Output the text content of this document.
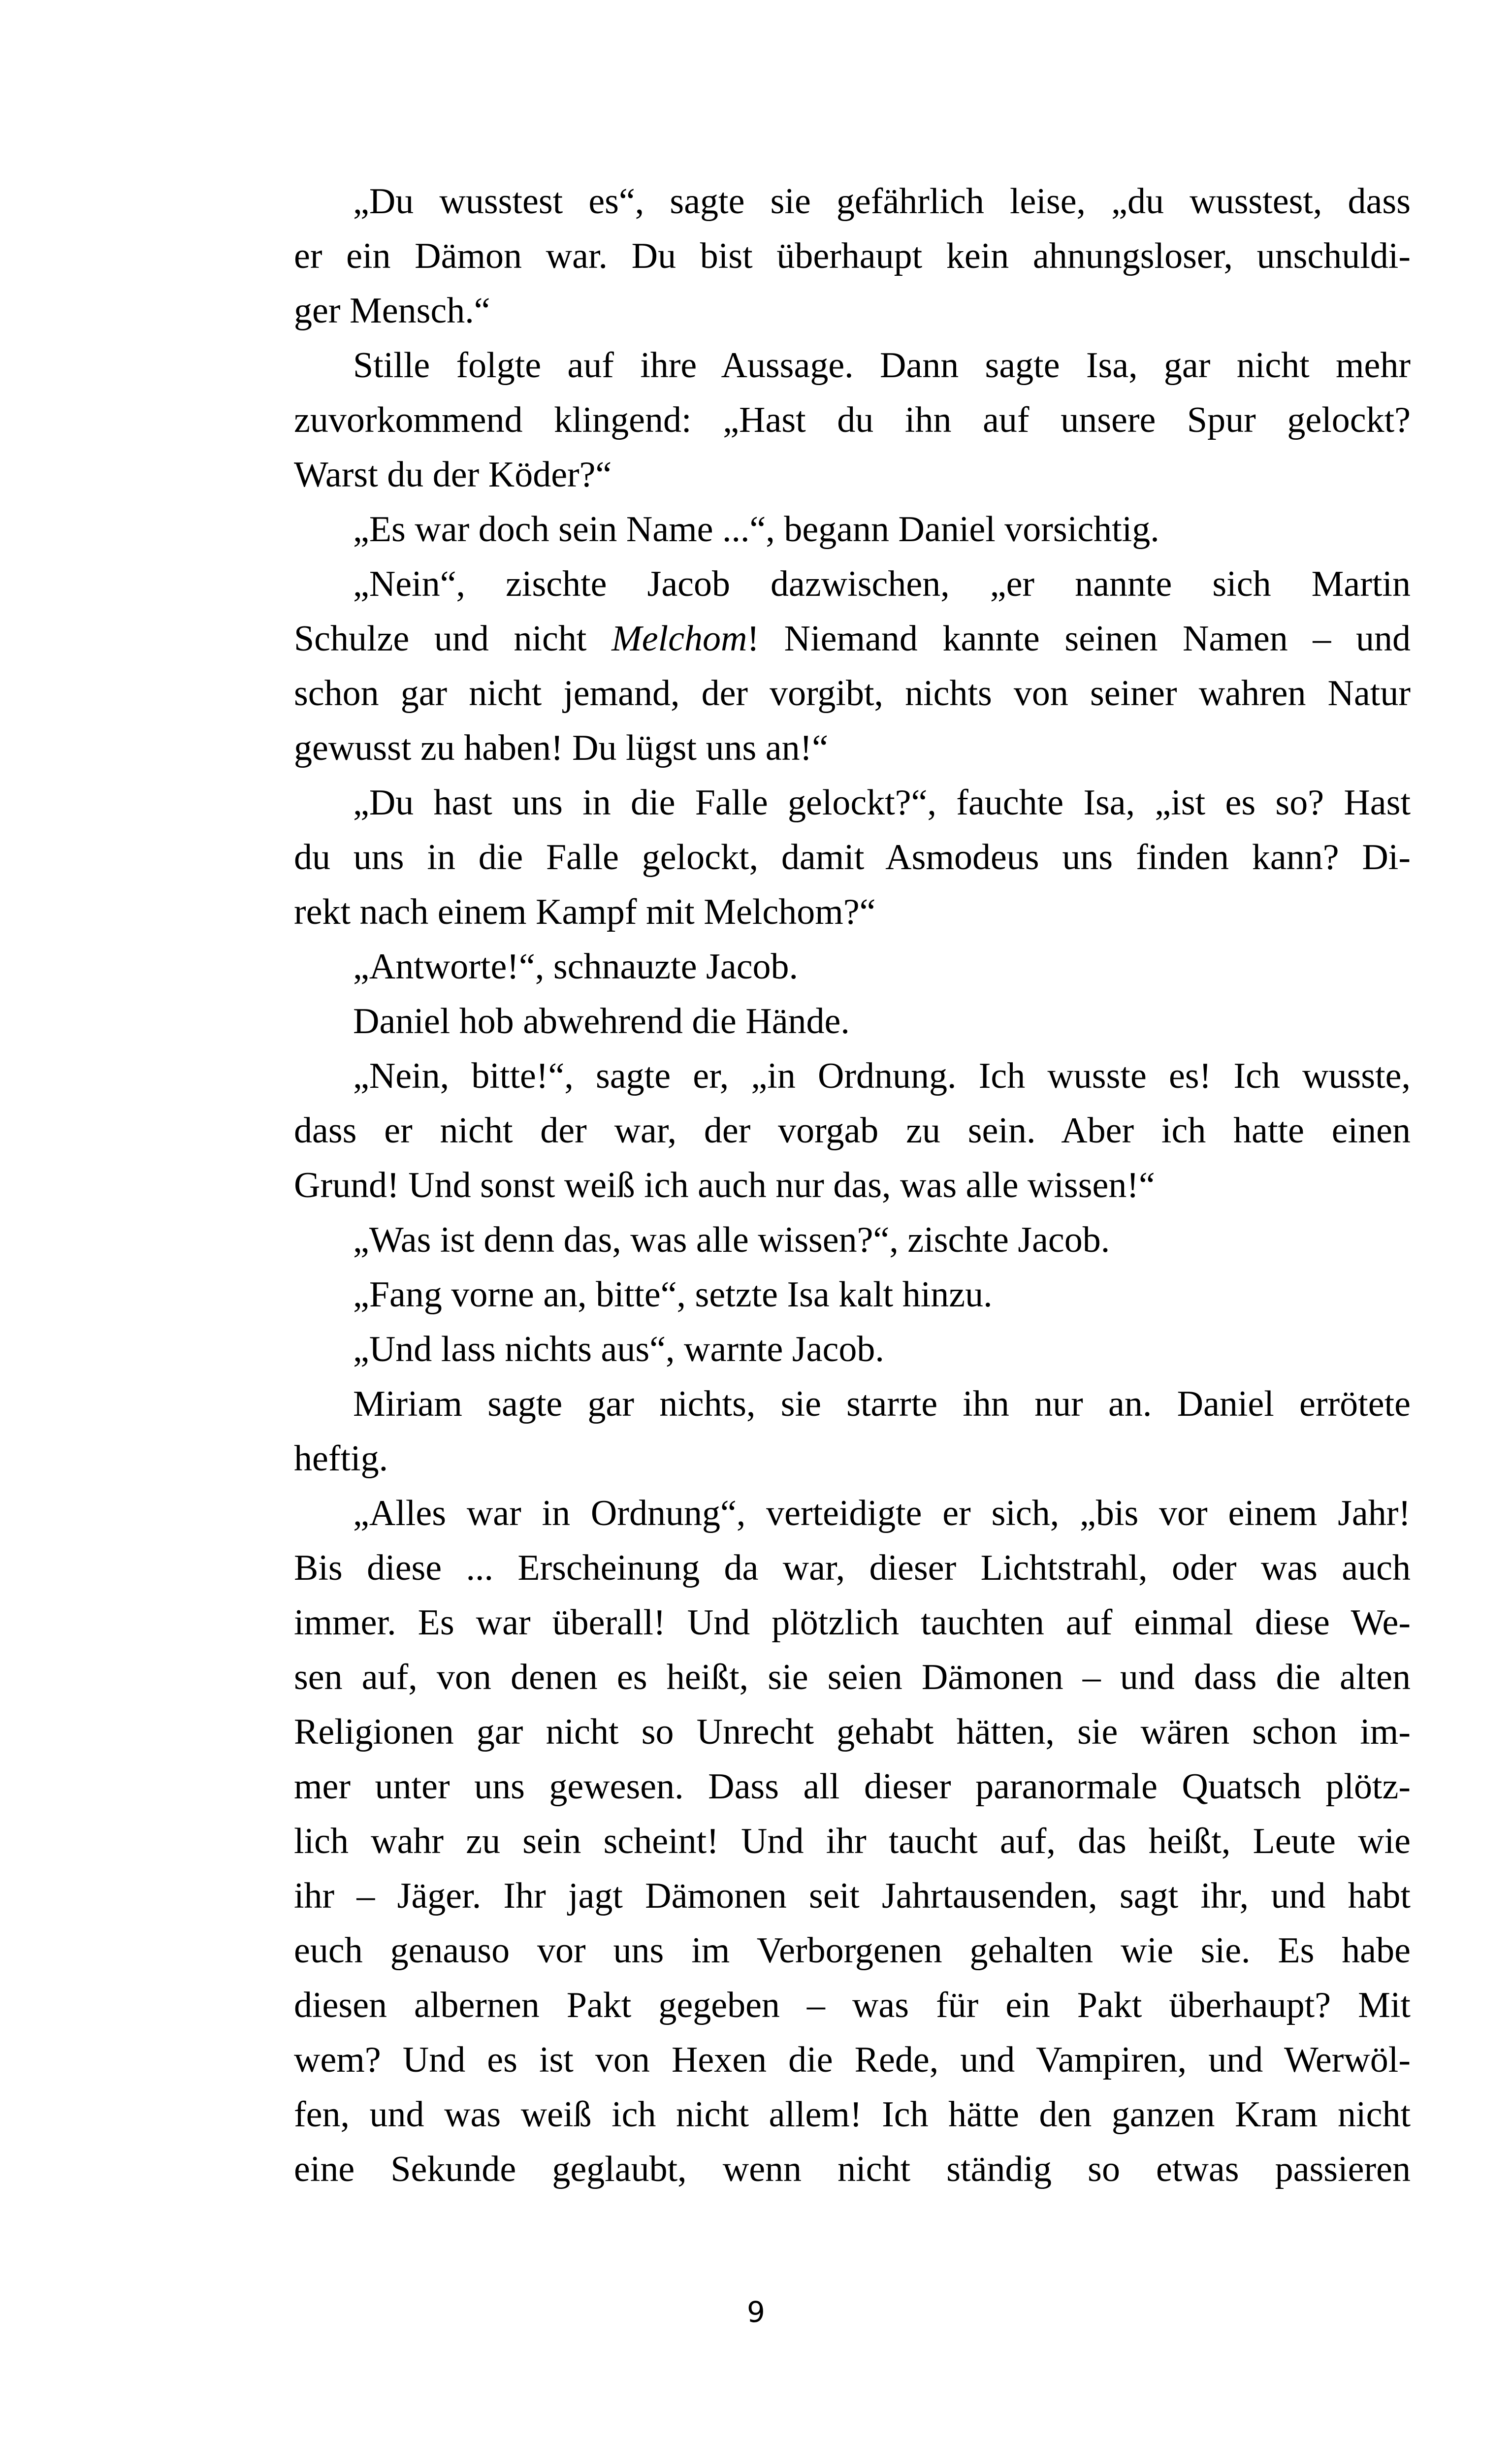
„Du wusstest es“, sagte sie gefährlich leise, „du wusstest, dass
er ein Dämon war. Du bist überhaupt kein ahnungsloser, unschuldi-
ger Mensch.“
Stille folgte auf ihre Aussage. Dann sagte Isa, gar nicht mehr
zuvorkommend klingend: „Hast du ihn auf unsere Spur gelockt?
Warst du der Köder?“
„Es war doch sein Name ...“, begann Daniel vorsichtig.
„Nein“, zischte Jacob dazwischen, „er nannte sich Martin
Schulze und nicht Melchom! Niemand kannte seinen Namen – und
schon gar nicht jemand, der vorgibt, nichts von seiner wahren Natur
gewusst zu haben! Du lügst uns an!“
„Du hast uns in die Falle gelockt?“, fauchte Isa, „ist es so? Hast
du uns in die Falle gelockt, damit Asmodeus uns finden kann? Di-
rekt nach einem Kampf mit Melchom?“
„Antworte!“, schnauzte Jacob.
Daniel hob abwehrend die Hände.
„Nein, bitte!“, sagte er, „in Ordnung. Ich wusste es! Ich wusste,
dass er nicht der war, der vorgab zu sein. Aber ich hatte einen
Grund! Und sonst weiß ich auch nur das, was alle wissen!“
„Was ist denn das, was alle wissen?“, zischte Jacob.
„Fang vorne an, bitte“, setzte Isa kalt hinzu.
„Und lass nichts aus“, warnte Jacob.
Miriam sagte gar nichts, sie starrte ihn nur an. Daniel errötete
heftig.
„Alles war in Ordnung“, verteidigte er sich, „bis vor einem Jahr!
Bis diese ... Erscheinung da war, dieser Lichtstrahl, oder was auch
immer. Es war überall! Und plötzlich tauchten auf einmal diese We-
sen auf, von denen es heißt, sie seien Dämonen – und dass die alten
Religionen gar nicht so Unrecht gehabt hätten, sie wären schon im-
mer unter uns gewesen. Dass all dieser paranormale Quatsch plötz-
lich wahr zu sein scheint! Und ihr taucht auf, das heißt, Leute wie
ihr – Jäger. Ihr jagt Dämonen seit Jahrtausenden, sagt ihr, und habt
euch genauso vor uns im Verborgenen gehalten wie sie. Es habe
diesen albernen Pakt gegeben – was für ein Pakt überhaupt? Mit
wem? Und es ist von Hexen die Rede, und Vampiren, und Werwöl-
fen, und was weiß ich nicht allem! Ich hätte den ganzen Kram nicht
eine Sekunde geglaubt, wenn nicht ständig so etwas passieren
9
